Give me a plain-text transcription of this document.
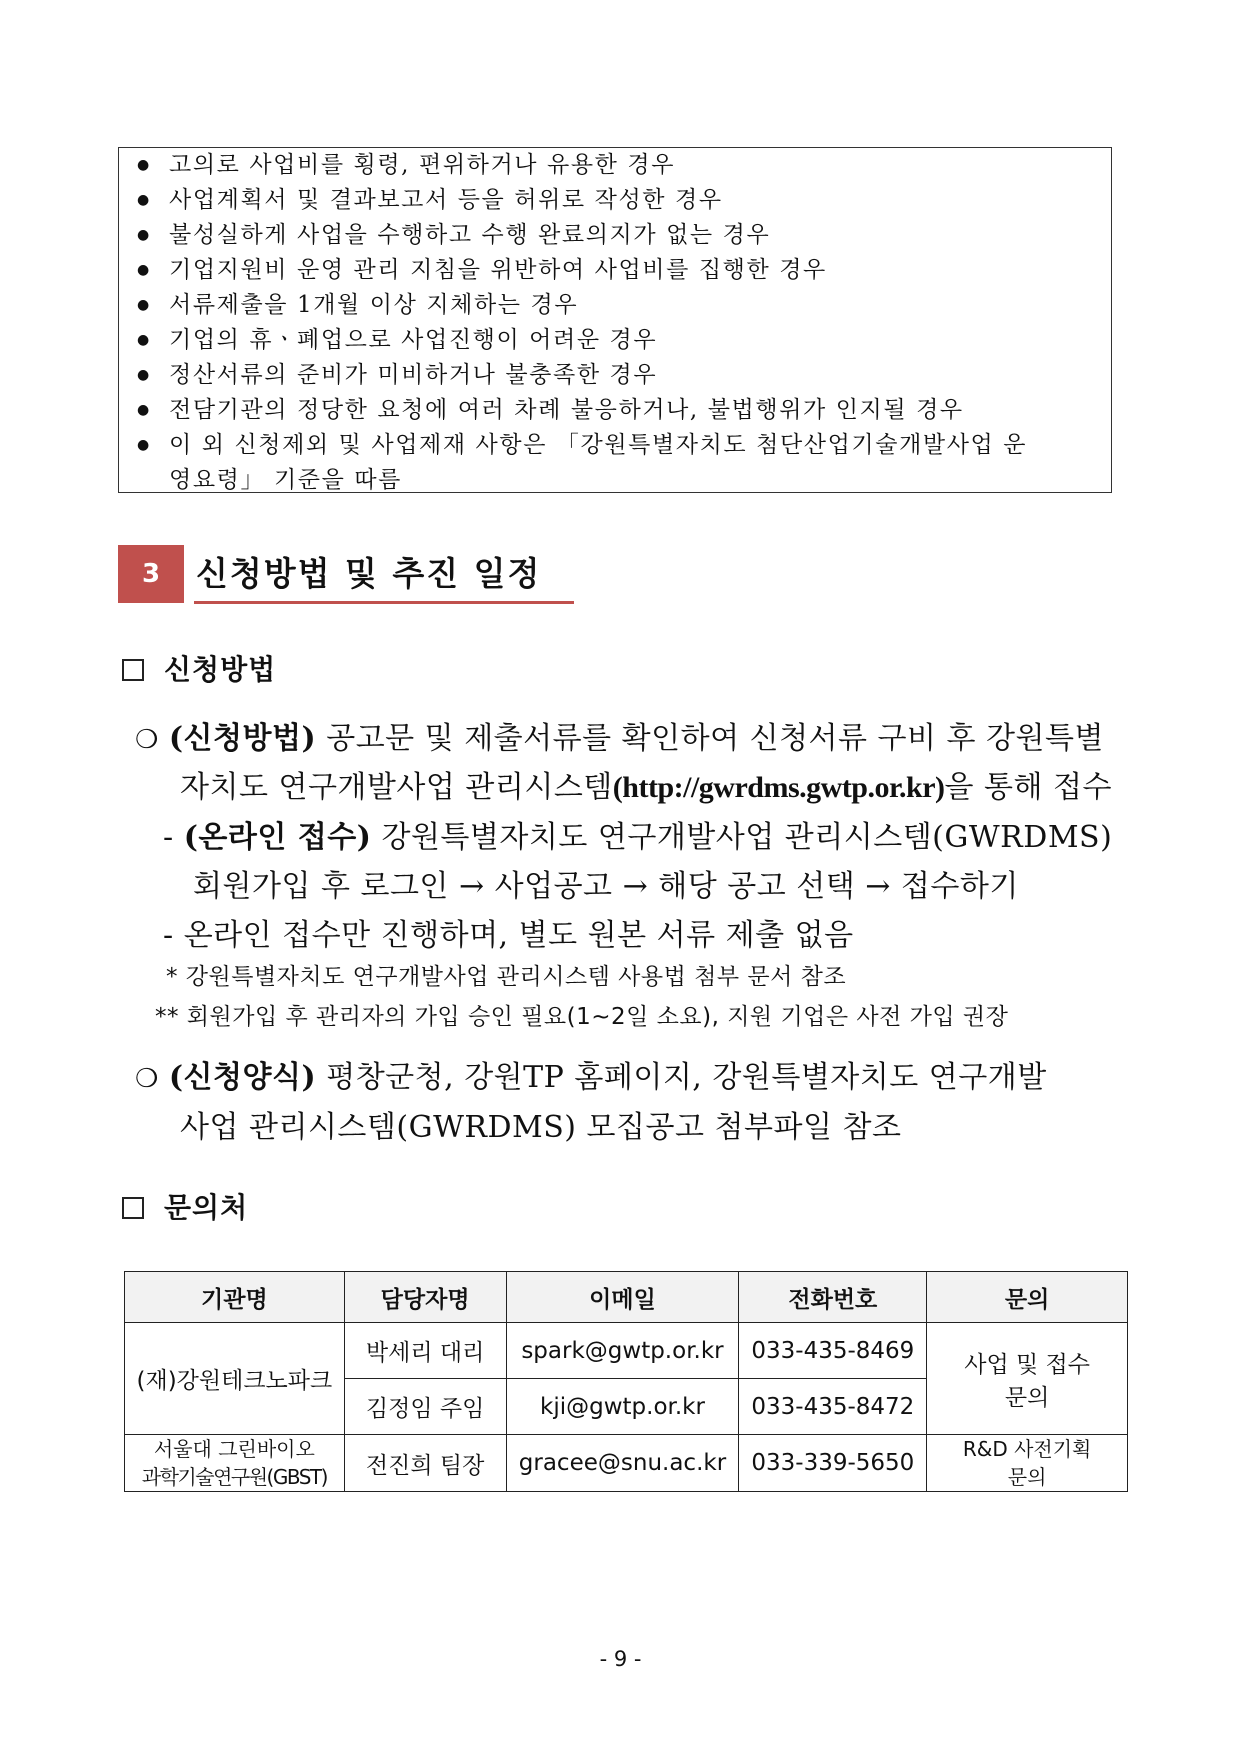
● 고의로 사업비를 횡령, 편위하거나 유용한 경우
● 사업계획서 및 결과보고서 등을 허위로 작성한 경우
● 불성실하게 사업을 수행하고 수행 완료의지가 없는 경우
● 기업지원비 운영 관리 지침을 위반하여 사업비를 집행한 경우
● 서류제출을 1개월 이상 지체하는 경우
● 기업의 휴ㆍ폐업으로 사업진행이 어려운 경우
● 정산서류의 준비가 미비하거나 불충족한 경우
● 전담기관의 정당한 요청에 여러 차례 불응하거나, 불법행위가 인지될 경우
● 이 외 신청제외 및 사업제재 사항은 「강원특별자치도 첨단산업기술개발사업 운
영요령」 기준을 따름
3	신청방법 및 추진 일정
신청방법
❍ (신청방법) 공고문 및 제출서류를 확인하여 신청서류 구비 후 강원특별
자치도 연구개발사업 관리시스템(http://gwrdms.gwtp.or.kr)을 통해 접수
- (온라인 접수) 강원특별자치도 연구개발사업 관리시스템(GWRDMS)
회원가입 후 로그인 → 사업공고 → 해당 공고 선택 → 접수하기
- 온라인 접수만 진행하며, 별도 원본 서류 제출 없음
* 강원특별자치도 연구개발사업 관리시스템 사용법 첨부 문서 참조
** 회원가입 후 관리자의 가입 승인 필요(1~2일 소요), 지원 기업은 사전 가입 권장
❍ (신청양식) 평창군청, 강원TP 홈페이지, 강원특별자치도 연구개발
사업 관리시스템(GWRDMS) 모집공고 첨부파일 참조
문의처
기관명	담당자명	이메일	전화번호	문의
(재)강원테크노파크	박세리 대리	spark@gwtp.or.kr	033-435-8469	사업 및 접수
문의
	김정임 주임	kji@gwtp.or.kr	033-435-8472	
서울대 그린바이오
과학기술연구원(GBST)	전진희 팀장	gracee@snu.ac.kr	033-339-5650	R&D 사전기획
문의
- 9 -
